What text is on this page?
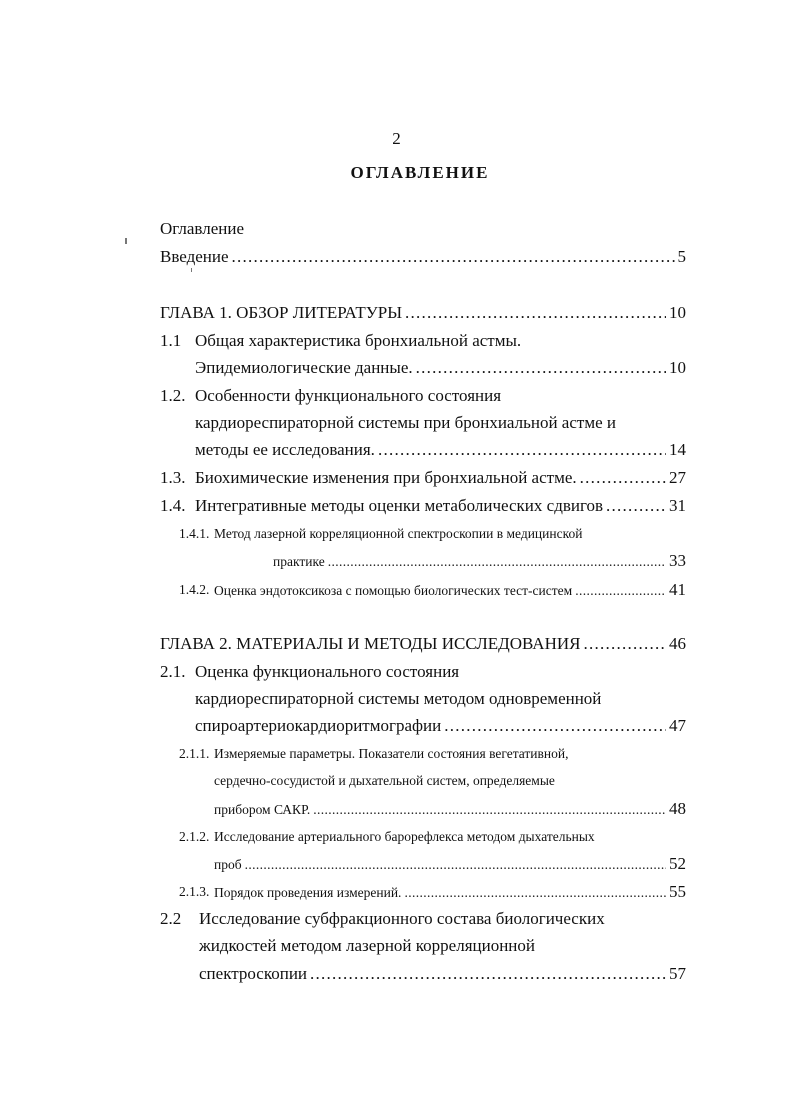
2
ОГЛАВЛЕНИЕ
Оглавление
Введение . . .	5
ГЛАВА 1. ОБЗОР ЛИТЕРАТУРЫ . . .	10
1.1 Общая характеристика бронхиальной астмы.
Эпидемиологические данные. . . .	10
1.2. Особенности функционального состояния
кардиореспираторной системы при бронхиальной астме и
методы ее исследования. . . .	14
1.3. Биохимические изменения при бронхиальной астме. . . .	27
1.4. Интегративные методы оценки метаболических сдвигов . . .	31
1.4.1. Метод лазерной корреляционной спектроскопии в медицинской
практике . . .	33
1.4.2. Оценка эндотоксикоза с помощью биологических тест-систем . . .	41
ГЛАВА 2. МАТЕРИАЛЫ И МЕТОДЫ ИССЛЕДОВАНИЯ . . .	46
2.1. Оценка функционального состояния
кардиореспираторной системы методом одновременной
спироартериокардиоритмографии . . .	47
2.1.1. Измеряемые параметры. Показатели состояния вегетативной,
сердечно-сосудистой и дыхательной систем, определяемые
прибором САКР. . . .	48
2.1.2. Исследование артериального барорефлекса методом дыхательных
проб . . .	52
2.1.3. Порядок проведения измерений. . . .	55
2.2 Исследование субфракционного состава биологических
жидкостей методом лазерной корреляционной
спектроскопии . . .	57
